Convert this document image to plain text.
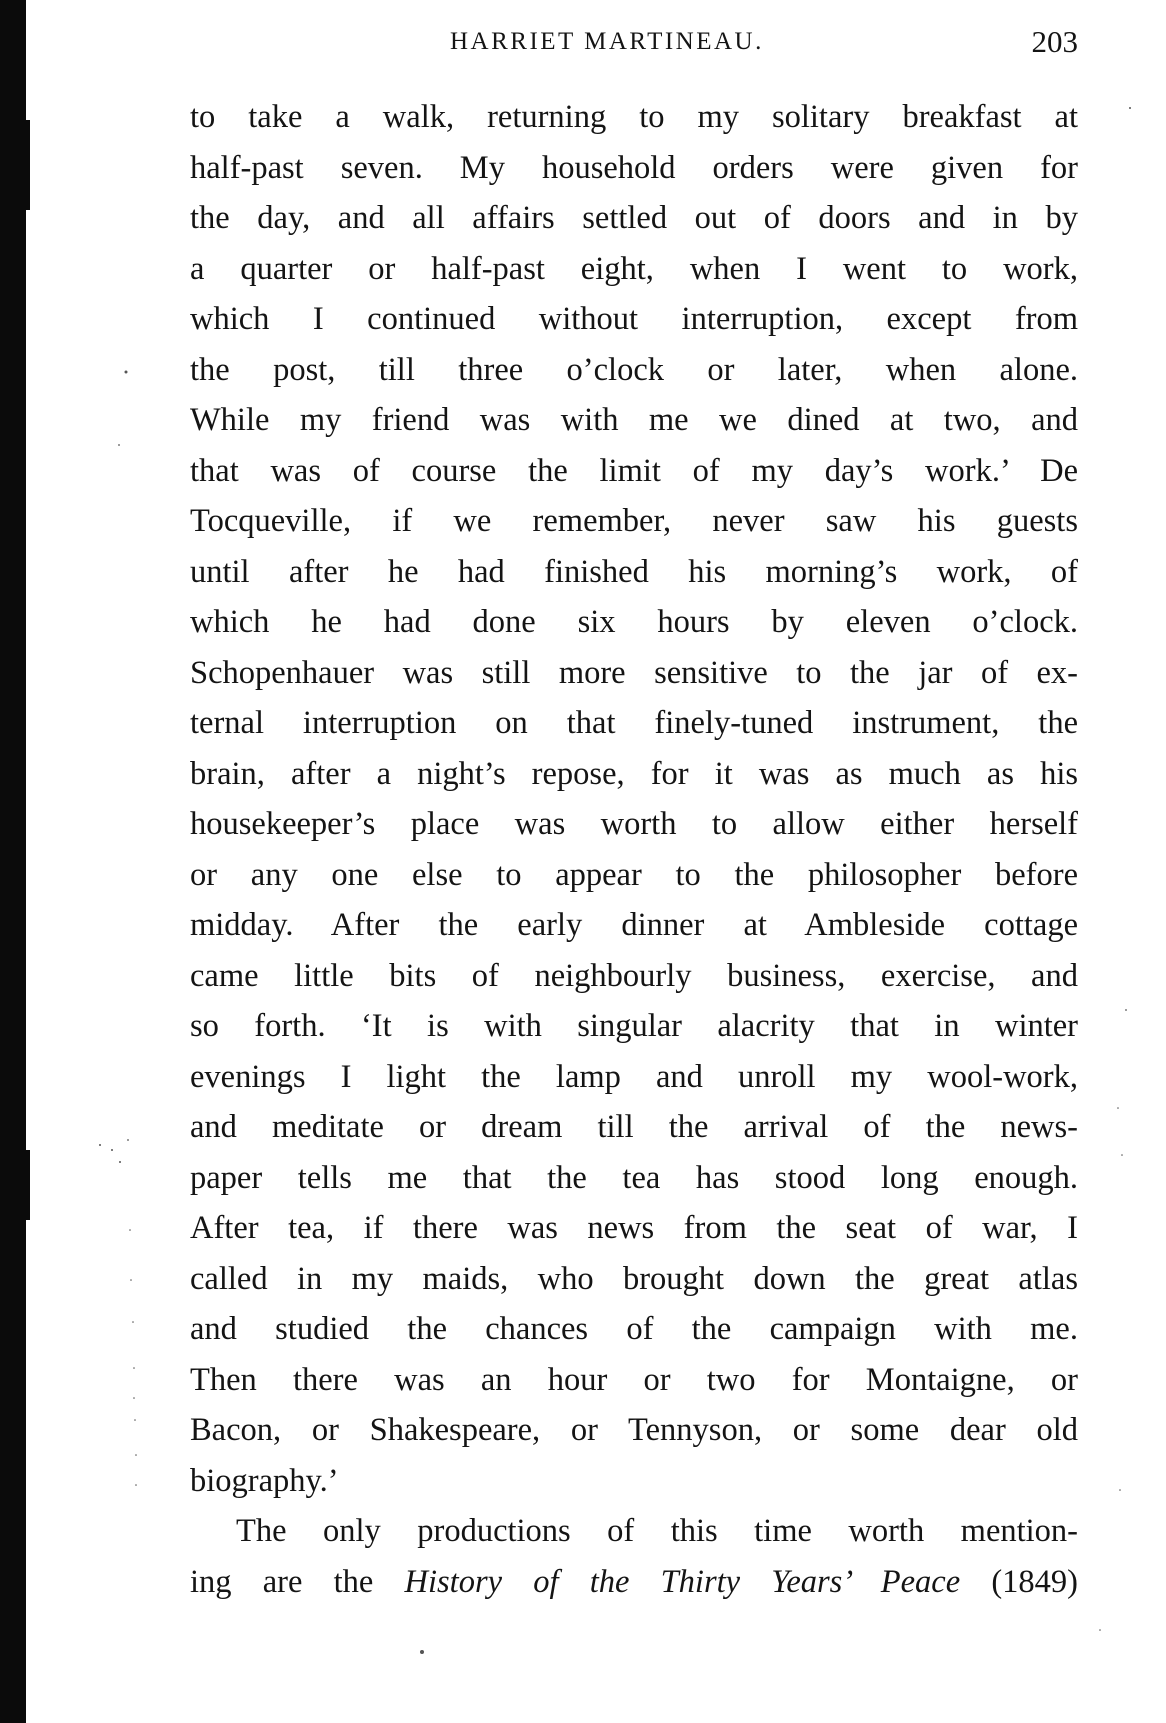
HARRIET MARTINEAU.	203
to take a walk, returning to my solitary breakfast at
half-past seven. My household orders were given for
the day, and all affairs settled out of doors and in by
a quarter or half-past eight, when I went to work,
which I continued without interruption, except from
the post, till three o’clock or later, when alone.
While my friend was with me we dined at two, and
that was of course the limit of my day’s work.’ De
Tocqueville, if we remember, never saw his guests
until after he had finished his morning’s work, of
which he had done six hours by eleven o’clock.
Schopenhauer was still more sensitive to the jar of ex-
ternal interruption on that finely-tuned instrument, the
brain, after a night’s repose, for it was as much as his
housekeeper’s place was worth to allow either herself
or any one else to appear to the philosopher before
midday. After the early dinner at Ambleside cottage
came little bits of neighbourly business, exercise, and
so forth. ‘It is with singular alacrity that in winter
evenings I light the lamp and unroll my wool-work,
and meditate or dream till the arrival of the news-
paper tells me that the tea has stood long enough.
After tea, if there was news from the seat of war, I
called in my maids, who brought down the great atlas
and studied the chances of the campaign with me.
Then there was an hour or two for Montaigne, or
Bacon, or Shakespeare, or Tennyson, or some dear old
biography.’
The only productions of this time worth mention-
ing are the History of the Thirty Years’ Peace (1849)
